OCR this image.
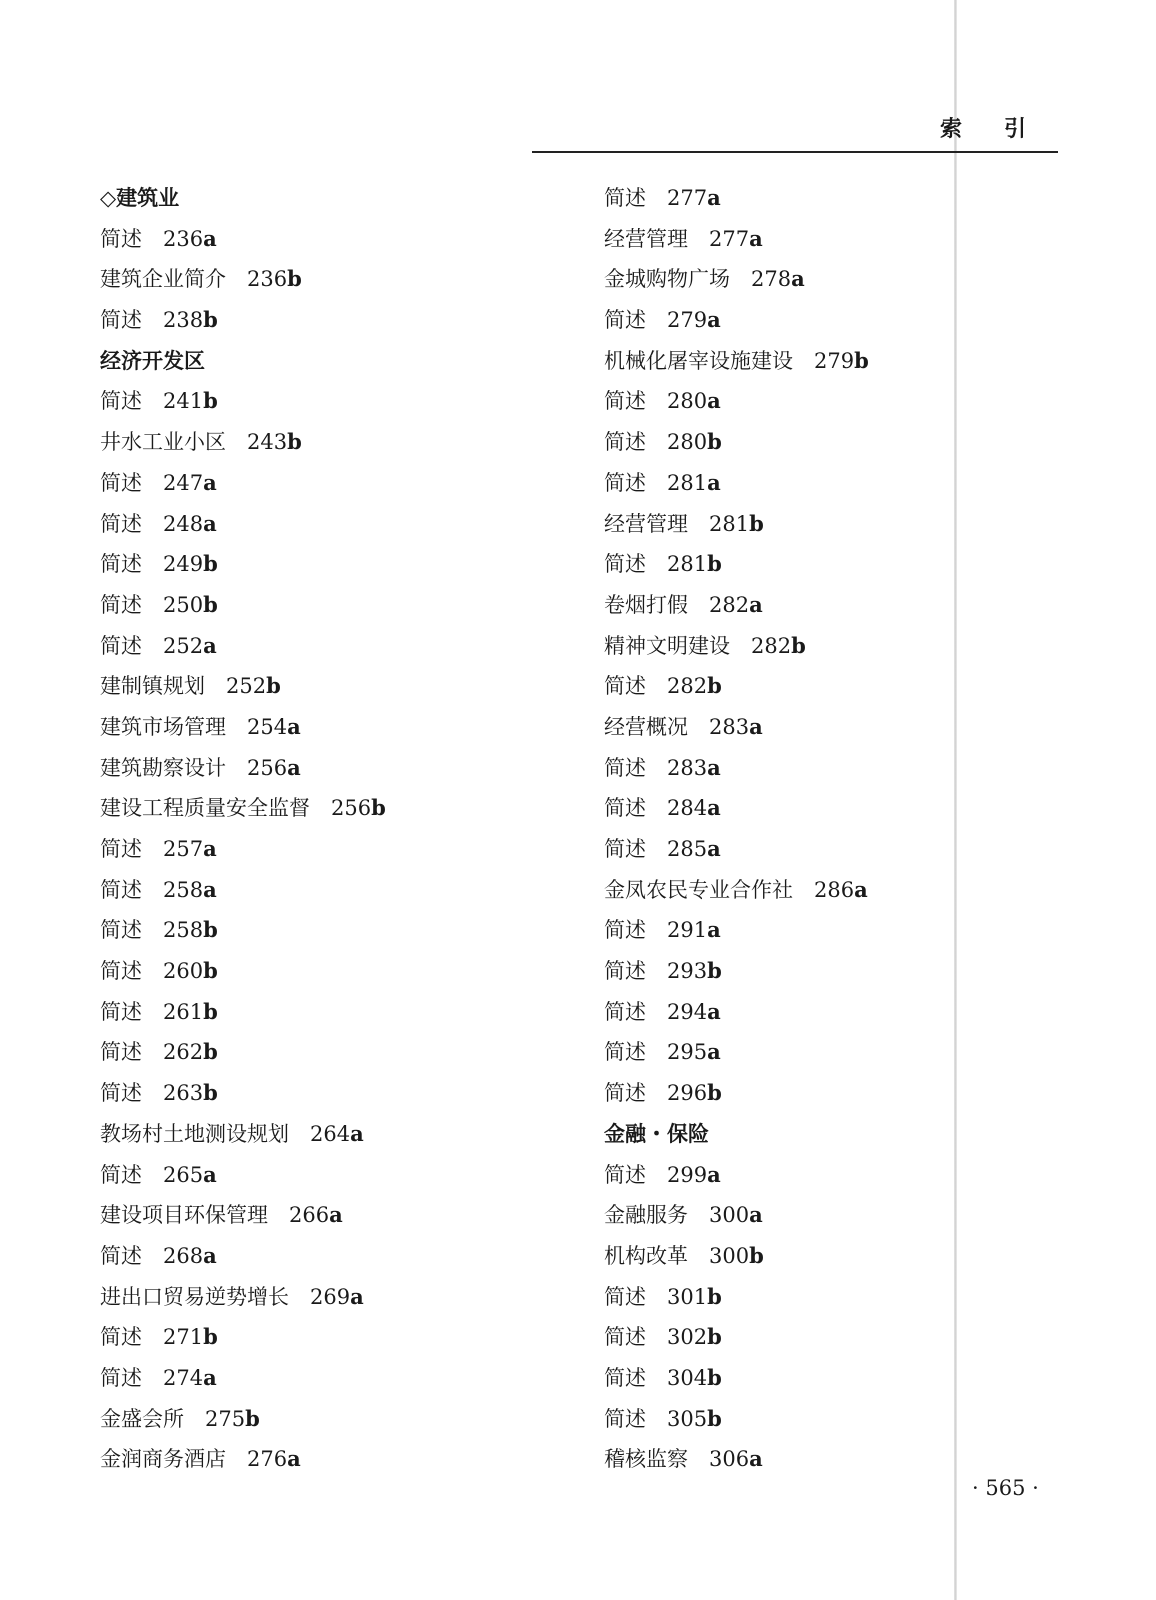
索引
◇建筑业
简述 236a
建筑企业简介 236b
简述 238b
经济开发区
简述 241b
井水工业小区 243b
简述 247a
简述 248a
简述 249b
简述 250b
简述 252a
建制镇规划 252b
建筑市场管理 254a
建筑勘察设计 256a
建设工程质量安全监督 256b
简述 257a
简述 258a
简述 258b
简述 260b
简述 261b
简述 262b
简述 263b
教场村土地测设规划 264a
简述 265a
建设项目环保管理 266a
简述 268a
进出口贸易逆势增长 269a
简述 271b
简述 274a
金盛会所 275b
金润商务酒店 276a
简述 277a
经营管理 277a
金城购物广场 278a
简述 279a
机械化屠宰设施建设 279b
简述 280a
简述 280b
简述 281a
经营管理 281b
简述 281b
卷烟打假 282a
精神文明建设 282b
简述 282b
经营概况 283a
简述 283a
简述 284a
简述 285a
金凤农民专业合作社 286a
简述 291a
简述 293b
简述 294a
简述 295a
简述 296b
金融・保险
简述 299a
金融服务 300a
机构改革 300b
简述 301b
简述 302b
简述 304b
简述 305b
稽核监察 306a
· 565 ·
